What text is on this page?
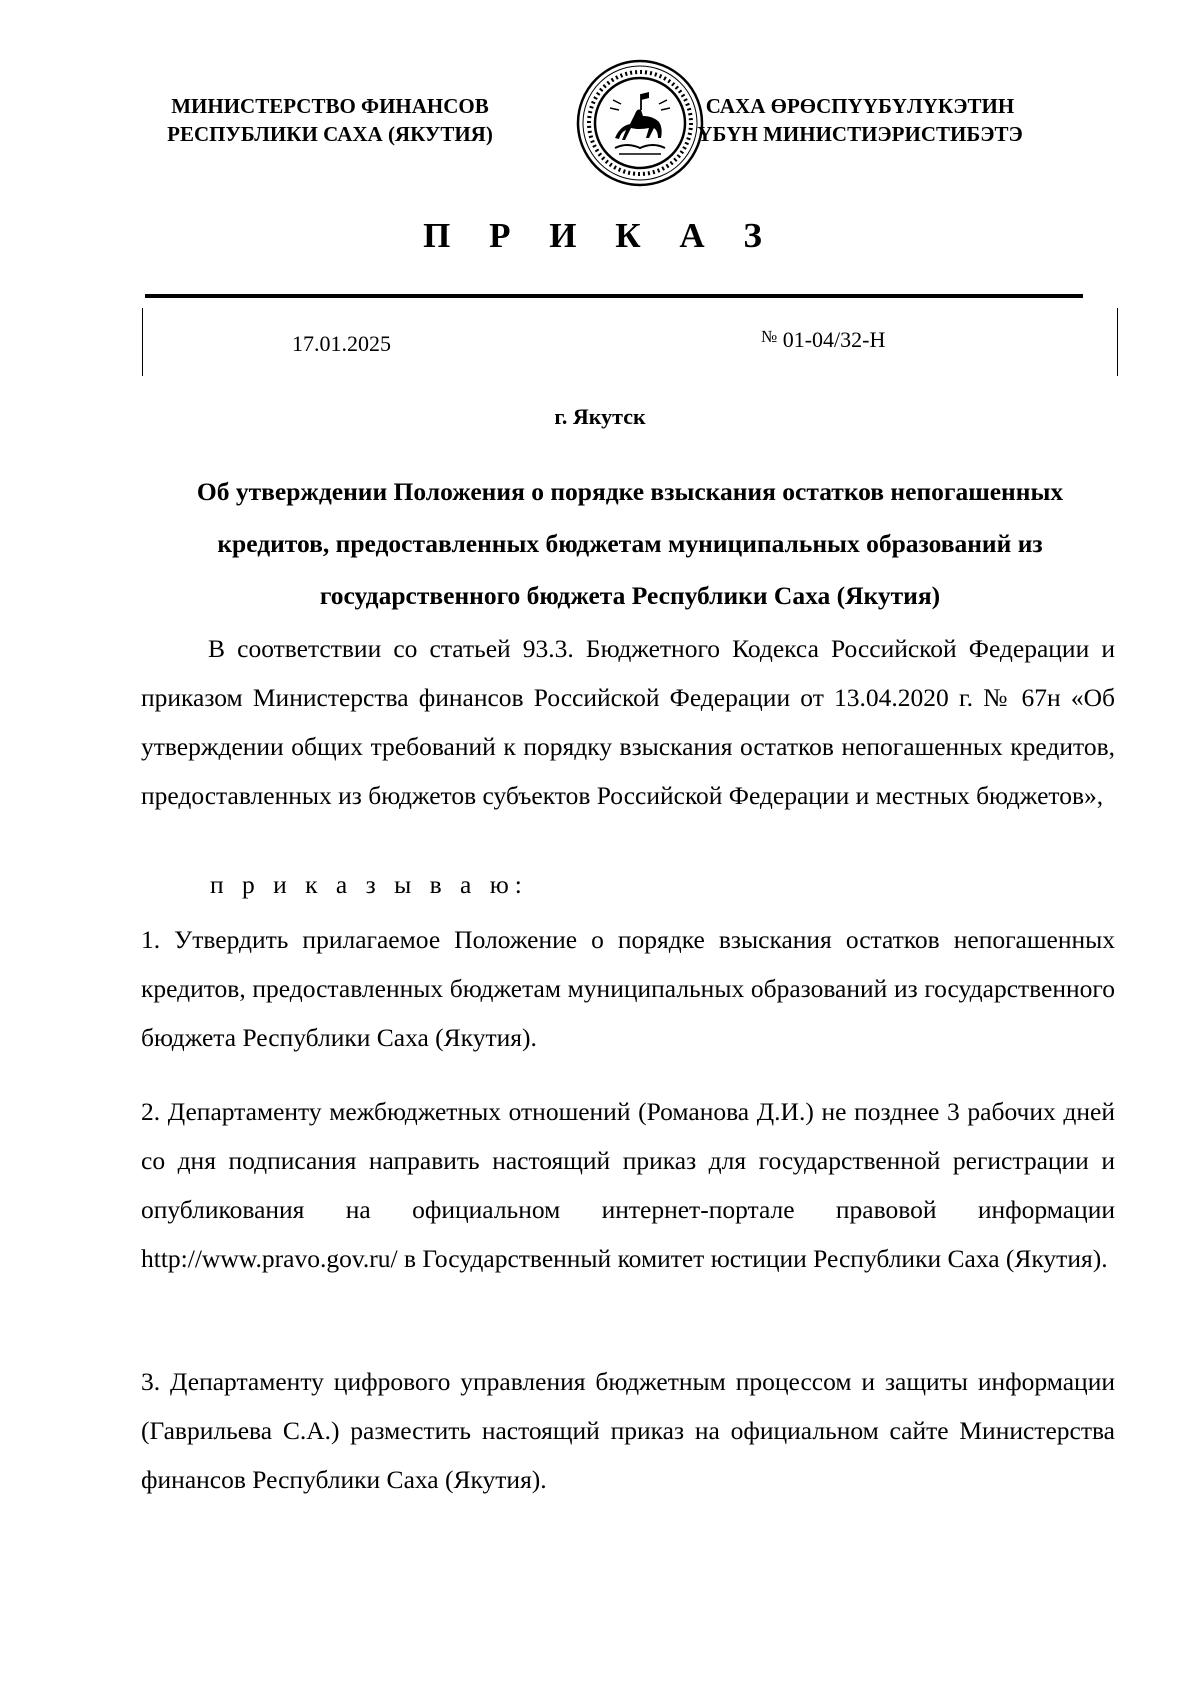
МИНИСТЕРСТВО ФИНАНСОВ
РЕСПУБЛИКИ САХА (ЯКУТИЯ)
САХА ӨРӨСПҮҮБҮЛҮКЭТИН
ҮБҮН МИНИСТИЭРИСТИБЭТЭ
П Р И К А З
17.01.2025	№ 01-04/32-Н
г. Якутск
Об утверждении Положения о порядке взыскания остатков непогашенных кредитов, предоставленных бюджетам муниципальных образований из государственного бюджета Республики Саха (Якутия)
В соответствии со статьей 93.3. Бюджетного Кодекса Российской Федерации и приказом Министерства финансов Российской Федерации от 13.04.2020 г. № 67н «Об утверждении общих требований к порядку взыскания остатков непогашенных кредитов, предоставленных из бюджетов субъектов Российской Федерации и местных бюджетов»,
п р и к а з ы в а ю:
1. Утвердить прилагаемое Положение о порядке взыскания остатков непогашенных кредитов, предоставленных бюджетам муниципальных образований из государственного бюджета Республики Саха (Якутия).
2. Департаменту межбюджетных отношений (Романова Д.И.) не позднее 3 рабочих дней со дня подписания направить настоящий приказ для государственной регистрации и опубликования на официальном интернет-портале правовой информации http://www.pravo.gov.ru/ в Государственный комитет юстиции Республики Саха (Якутия).
3. Департаменту цифрового управления бюджетным процессом и защиты информации (Гаврильева С.А.) разместить настоящий приказ на официальном сайте Министерства финансов Республики Саха (Якутия).
